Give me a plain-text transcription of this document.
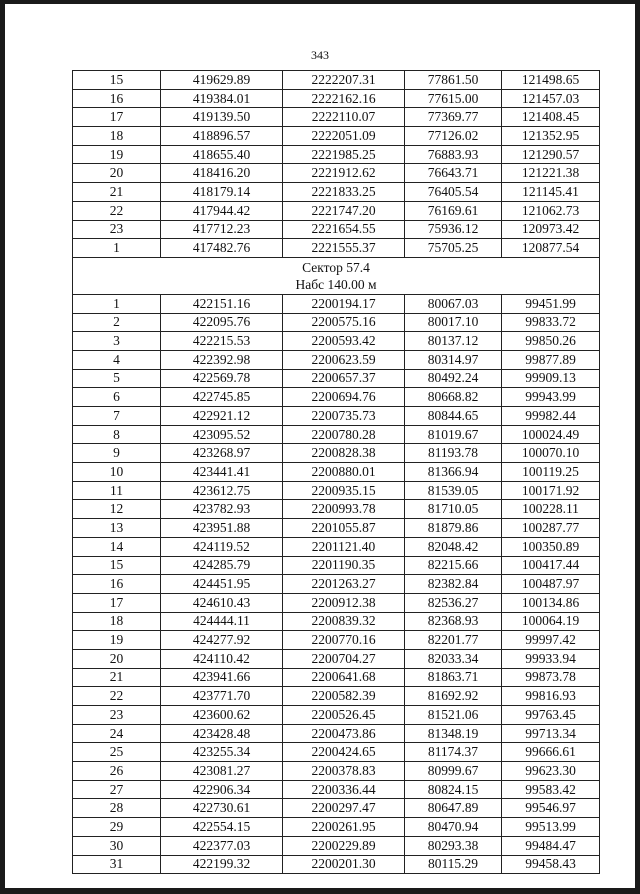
343
15	419629.89	2222207.31	77861.50	121498.65
16	419384.01	2222162.16	77615.00	121457.03
17	419139.50	2222110.07	77369.77	121408.45
18	418896.57	2222051.09	77126.02	121352.95
19	418655.40	2221985.25	76883.93	121290.57
20	418416.20	2221912.62	76643.71	121221.38
21	418179.14	2221833.25	76405.54	121145.41
22	417944.42	2221747.20	76169.61	121062.73
23	417712.23	2221654.55	75936.12	120973.42
1	417482.76	2221555.37	75705.25	120877.54

Сектор 57.4
Набс 140.00 м				

1	422151.16	2200194.17	80067.03	99451.99
2	422095.76	2200575.16	80017.10	99833.72
3	422215.53	2200593.42	80137.12	99850.26
4	422392.98	2200623.59	80314.97	99877.89
5	422569.78	2200657.37	80492.24	99909.13
6	422745.85	2200694.76	80668.82	99943.99
7	422921.12	2200735.73	80844.65	99982.44
8	423095.52	2200780.28	81019.67	100024.49
9	423268.97	2200828.38	81193.78	100070.10
10	423441.41	2200880.01	81366.94	100119.25
11	423612.75	2200935.15	81539.05	100171.92
12	423782.93	2200993.78	81710.05	100228.11
13	423951.88	2201055.87	81879.86	100287.77
14	424119.52	2201121.40	82048.42	100350.89
15	424285.79	2201190.35	82215.66	100417.44
16	424451.95	2201263.27	82382.84	100487.97
17	424610.43	2200912.38	82536.27	100134.86
18	424444.11	2200839.32	82368.93	100064.19
19	424277.92	2200770.16	82201.77	99997.42
20	424110.42	2200704.27	82033.34	99933.94
21	423941.66	2200641.68	81863.71	99873.78
22	423771.70	2200582.39	81692.92	99816.93
23	423600.62	2200526.45	81521.06	99763.45
24	423428.48	2200473.86	81348.19	99713.34
25	423255.34	2200424.65	81174.37	99666.61
26	423081.27	2200378.83	80999.67	99623.30
27	422906.34	2200336.44	80824.15	99583.42
28	422730.61	2200297.47	80647.89	99546.97
29	422554.15	2200261.95	80470.94	99513.99
30	422377.03	2200229.89	80293.38	99484.47
31	422199.32	2200201.30	80115.29	99458.43
